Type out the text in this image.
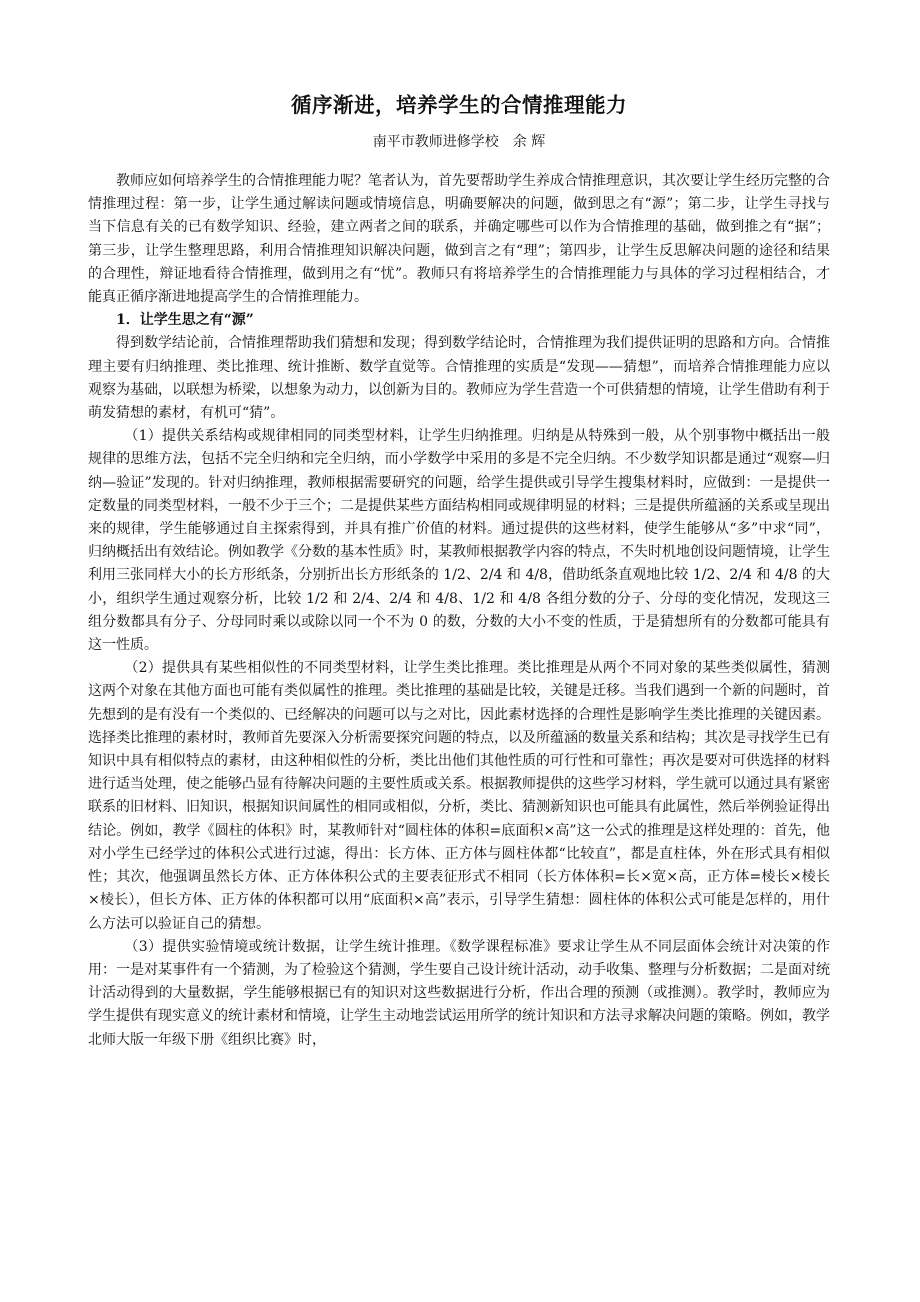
循序渐进，培养学生的合情推理能力
南平市教师进修学校 余 辉

教师应如何培养学生的合情推理能力呢？笔者认为，首先要帮助学生养成合情推理意识，其次要让学生经历完整的合情推理过程：第一步，让学生通过解读问题或情境信息，明确要解决的问题，做到思之有“源”；第二步，让学生寻找与当下信息有关的已有数学知识、经验，建立两者之间的联系，并确定哪些可以作为合情推理的基础，做到推之有“据”；第三步，让学生整理思路，利用合情推理知识解决问题，做到言之有“理”；第四步，让学生反思解决问题的途径和结果的合理性，辩证地看待合情推理，做到用之有“忧”。教师只有将培养学生的合情推理能力与具体的学习过程相结合，才能真正循序渐进地提高学生的合情推理能力。

1．让学生思之有“源”

得到数学结论前，合情推理帮助我们猜想和发现；得到数学结论时，合情推理为我们提供证明的思路和方向。合情推理主要有归纳推理、类比推理、统计推断、数学直觉等。合情推理的实质是“发现——猜想”，而培养合情推理能力应以观察为基础，以联想为桥梁，以想象为动力，以创新为目的。教师应为学生营造一个可供猜想的情境，让学生借助有利于萌发猜想的素材，有机可“猜”。

（1）提供关系结构或规律相同的同类型材料，让学生归纳推理。归纳是从特殊到一般，从个别事物中概括出一般规律的思维方法，包括不完全归纳和完全归纳，而小学数学中采用的多是不完全归纳。不少数学知识都是通过“观察—归纳—验证”发现的。针对归纳推理，教师根据需要研究的问题，给学生提供或引导学生搜集材料时，应做到：一是提供一定数量的同类型材料，一般不少于三个；二是提供某些方面结构相同或规律明显的材料；三是提供所蕴涵的关系或呈现出来的规律，学生能够通过自主探索得到，并具有推广价值的材料。通过提供的这些材料，使学生能够从“多”中求“同”，归纳概括出有效结论。例如教学《分数的基本性质》时，某教师根据教学内容的特点，不失时机地创设问题情境，让学生利用三张同样大小的长方形纸条，分别折出长方形纸条的 1/2、2/4 和 4/8，借助纸条直观地比较 1/2、2/4 和 4/8 的大小，组织学生通过观察分析，比较 1/2 和 2/4、2/4 和 4/8、1/2 和 4/8 各组分数的分子、分母的变化情况，发现这三组分数都具有分子、分母同时乘以或除以同一个不为 0 的数，分数的大小不变的性质，于是猜想所有的分数都可能具有这一性质。

（2）提供具有某些相似性的不同类型材料，让学生类比推理。类比推理是从两个不同对象的某些类似属性，猜测这两个对象在其他方面也可能有类似属性的推理。类比推理的基础是比较，关键是迁移。当我们遇到一个新的问题时，首先想到的是有没有一个类似的、已经解决的问题可以与之对比，因此素材选择的合理性是影响学生类比推理的关键因素。选择类比推理的素材时，教师首先要深入分析需要探究问题的特点，以及所蕴涵的数量关系和结构；其次是寻找学生已有知识中具有相似特点的素材，由这种相似性的分析，类比出他们其他性质的可行性和可靠性；再次是要对可供选择的材料进行适当处理，使之能够凸显有待解决问题的主要性质或关系。根据教师提供的这些学习材料，学生就可以通过具有紧密联系的旧材料、旧知识，根据知识间属性的相同或相似，分析，类比、猜测新知识也可能具有此属性，然后举例验证得出结论。例如，教学《圆柱的体积》时，某教师针对“圆柱体的体积=底面积×高”这一公式的推理是这样处理的：首先，他对小学生已经学过的体积公式进行过滤，得出：长方体、正方体与圆柱体都“比较直”，都是直柱体，外在形式具有相似性；其次，他强调虽然长方体、正方体体积公式的主要表征形式不相同（长方体体积=长×宽×高，正方体=棱长×棱长×棱长），但长方体、正方体的体积都可以用“底面积×高”表示，引导学生猜想：圆柱体的体积公式可能是怎样的，用什么方法可以验证自己的猜想。

（3）提供实验情境或统计数据，让学生统计推理。《数学课程标准》要求让学生从不同层面体会统计对决策的作用：一是对某事件有一个猜测，为了检验这个猜测，学生要自己设计统计活动，动手收集、整理与分析数据；二是面对统计活动得到的大量数据，学生能够根据已有的知识对这些数据进行分析，作出合理的预测（或推测）。教学时，教师应为学生提供有现实意义的统计素材和情境，让学生主动地尝试运用所学的统计知识和方法寻求解决问题的策略。例如，教学北师大版一年级下册《组织比赛》时，
